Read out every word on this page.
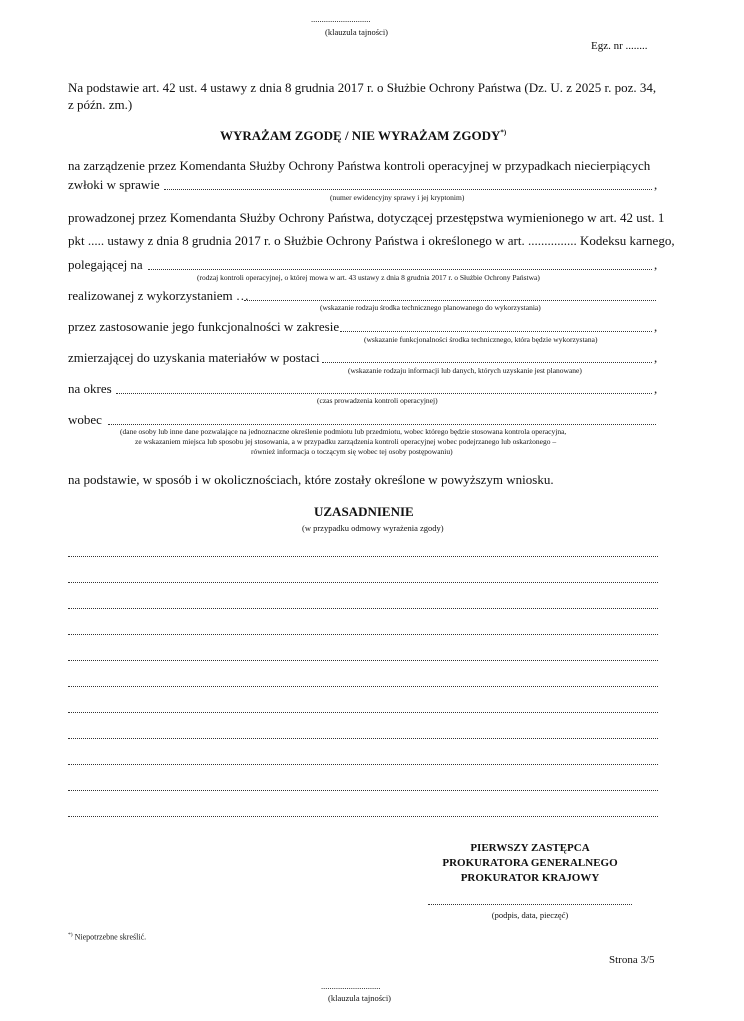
............................
(klauzula tajności)
Egz. nr ........
Na podstawie art. 42 ust. 4 ustawy z dnia 8 grudnia 2017 r. o Służbie Ochrony Państwa (Dz. U. z 2025 r. poz. 34,
z późn. zm.)
WYRAŻAM ZGODĘ / NIE WYRAŻAM ZGODY*)
na zarządzenie przez Komendanta Służby Ochrony Państwa kontroli operacyjnej w przypadkach niecierpiących
zwłoki w sprawie	,
(numer ewidencyjny sprawy i jej kryptonim)
prowadzonej przez Komendanta Służby Ochrony Państwa, dotyczącej przestępstwa wymienionego w art. 42 ust. 1
pkt ..... ustawy z dnia 8 grudnia 2017 r. o Służbie Ochrony Państwa i określonego w art. ............... Kodeksu karnego,
polegającej na	,
(rodzaj kontroli operacyjnej, o której mowa w art. 43 ustawy z dnia 8 grudnia 2017 r. o Służbie Ochrony Państwa)
realizowanej z wykorzystaniem …
(wskazanie rodzaju środka technicznego planowanego do wykorzystania)
przez zastosowanie jego funkcjonalności w zakresie	,
(wskazanie funkcjonalności środka technicznego, która będzie wykorzystana)
zmierzającej do uzyskania materiałów w postaci	,
(wskazanie rodzaju informacji lub danych, których uzyskanie jest planowane)
na okres	,
(czas prowadzenia kontroli operacyjnej)
wobec
(dane osoby lub inne dane pozwalające na jednoznaczne określenie podmiotu lub przedmiotu, wobec którego będzie stosowana kontrola operacyjna,
ze wskazaniem miejsca lub sposobu jej stosowania, a w przypadku zarządzenia kontroli operacyjnej wobec podejrzanego lub oskarżonego –
również informacja o toczącym się wobec tej osoby postępowaniu)
na podstawie, w sposób i w okolicznościach, które zostały określone w powyższym wniosku.
UZASADNIENIE
(w przypadku odmowy wyrażenia zgody)
PIERWSZY ZASTĘPCA
PROKURATORA GENERALNEGO
PROKURATOR KRAJOWY
(podpis, data, pieczęć)
*) Niepotrzebne skreślić.
Strona 3/5
............................
(klauzula tajności)
